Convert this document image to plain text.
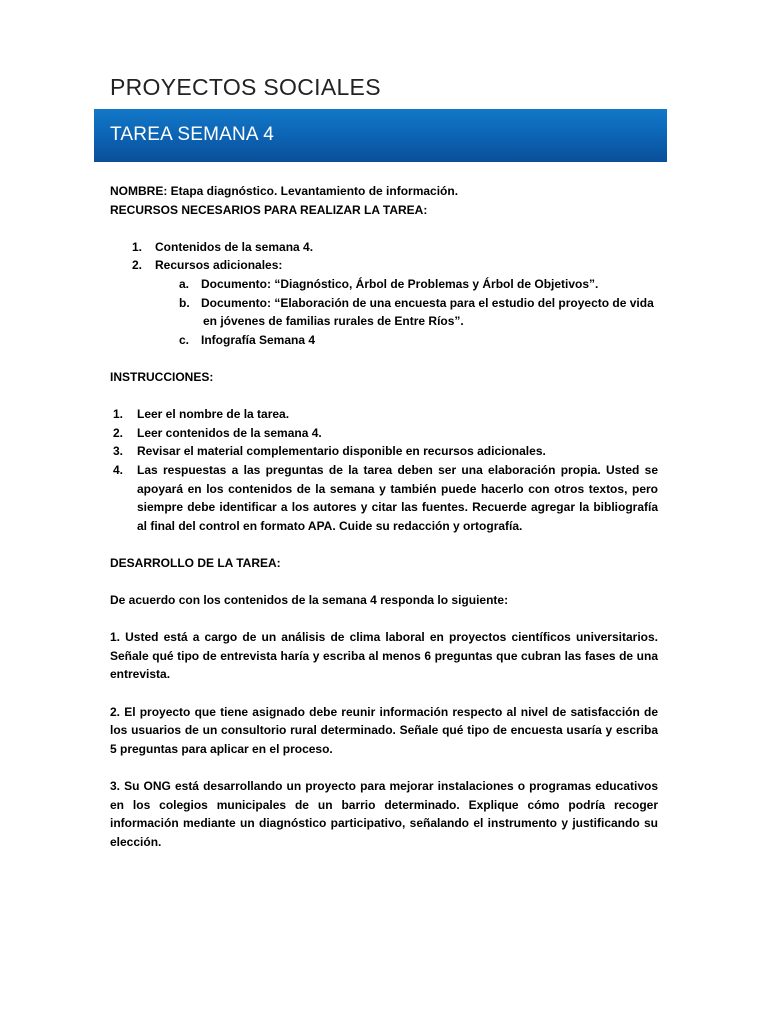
PROYECTOS SOCIALES
TAREA SEMANA 4

NOMBRE: Etapa diagnóstico. Levantamiento de información.

RECURSOS NECESARIOS PARA REALIZAR LA TAREA:

1. Contenidos de la semana 4.

2. Recursos adicionales:

a. Documento: “Diagnóstico, Árbol de Problemas y Árbol de Objetivos”.

b. Documento: “Elaboración de una encuesta para el estudio del proyecto de vida
en jóvenes de familias rurales de Entre Ríos”.

c. Infografía Semana 4

INSTRUCCIONES:

1. Leer el nombre de la tarea.

2. Leer contenidos de la semana 4.

3. Revisar el material complementario disponible en recursos adicionales.

4. Las respuestas a las preguntas de la tarea deben ser una elaboración propia. Usted se apoyará en los contenidos de la semana y también puede hacerlo con otros textos, pero siempre debe identificar a los autores y citar las fuentes. Recuerde agregar la bibliografía al final del control en formato APA. Cuide su redacción y ortografía.

DESARROLLO DE LA TAREA:

De acuerdo con los contenidos de la semana 4 responda lo siguiente:

1. Usted está a cargo de un análisis de clima laboral en proyectos científicos universitarios. Señale qué tipo de entrevista haría y escriba al menos 6 preguntas que cubran las fases de una entrevista.

2. El proyecto que tiene asignado debe reunir información respecto al nivel de satisfacción de los usuarios de un consultorio rural determinado. Señale qué tipo de encuesta usaría y escriba 5 preguntas para aplicar en el proceso.

3. Su ONG está desarrollando un proyecto para mejorar instalaciones o programas educativos en los colegios municipales de un barrio determinado. Explique cómo podría recoger información mediante un diagnóstico participativo, señalando el instrumento y justificando su elección.
